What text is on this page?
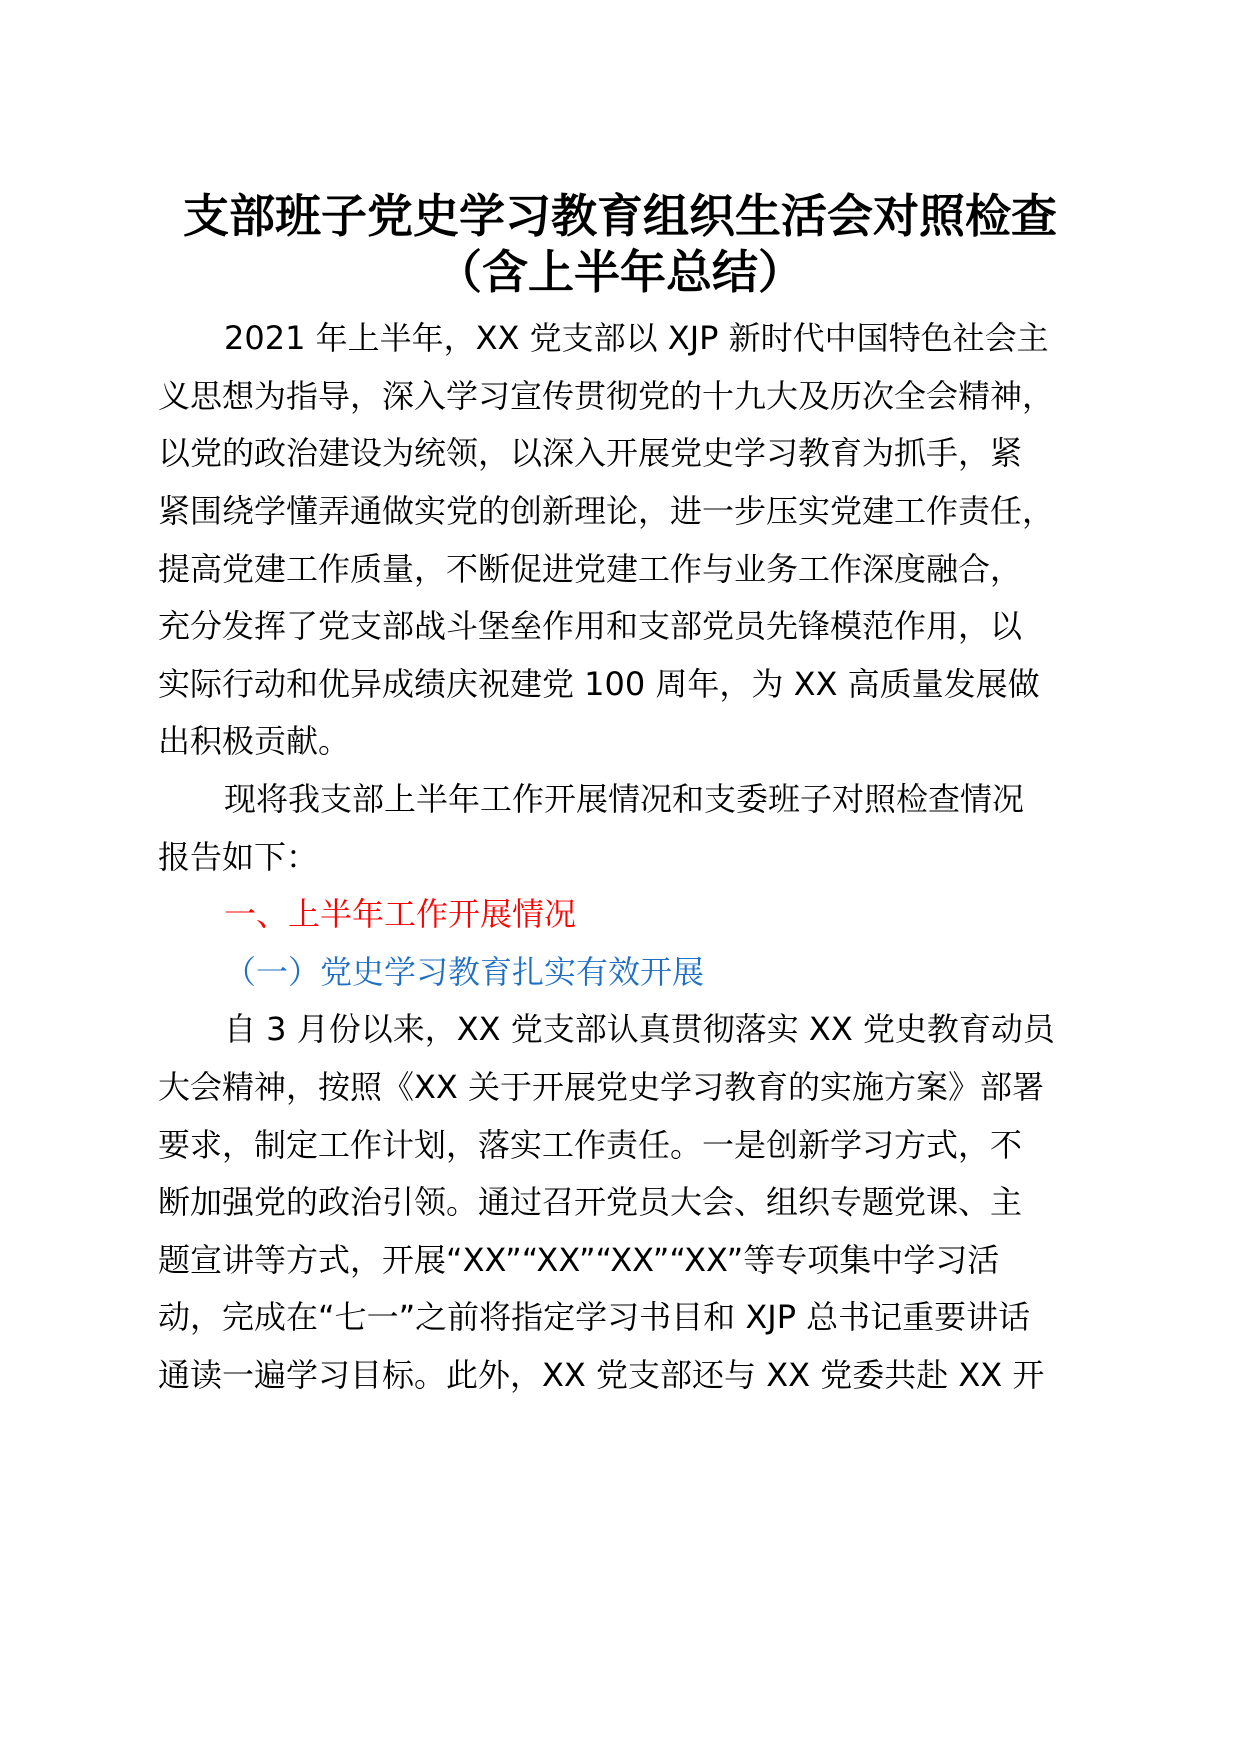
支部班子党史学习教育组织生活会对照检查
（含上半年总结）

2021 年上半年，XX 党支部以 XJP 新时代中国特色社会主

义思想为指导，深入学习宣传贯彻党的十九大及历次全会精神，

以党的政治建设为统领，以深入开展党史学习教育为抓手，紧

紧围绕学懂弄通做实党的创新理论，进一步压实党建工作责任，

提高党建工作质量，不断促进党建工作与业务工作深度融合，

充分发挥了党支部战斗堡垒作用和支部党员先锋模范作用，以

实际行动和优异成绩庆祝建党 100 周年，为 XX 高质量发展做

出积极贡献。

现将我支部上半年工作开展情况和支委班子对照检查情况

报告如下：

一、上半年工作开展情况
（一）党史学习教育扎实有效开展

自 3 月份以来，XX 党支部认真贯彻落实 XX 党史教育动员

大会精神，按照《XX 关于开展党史学习教育的实施方案》部署

要求，制定工作计划，落实工作责任。一是创新学习方式，不

断加强党的政治引领。通过召开党员大会、组织专题党课、主

题宣讲等方式，开展“XX”“XX”“XX”“XX”等专项集中学习活

动，完成在“七一”之前将指定学习书目和 XJP 总书记重要讲话

通读一遍学习目标。此外，XX 党支部还与 XX 党委共赴 XX 开
